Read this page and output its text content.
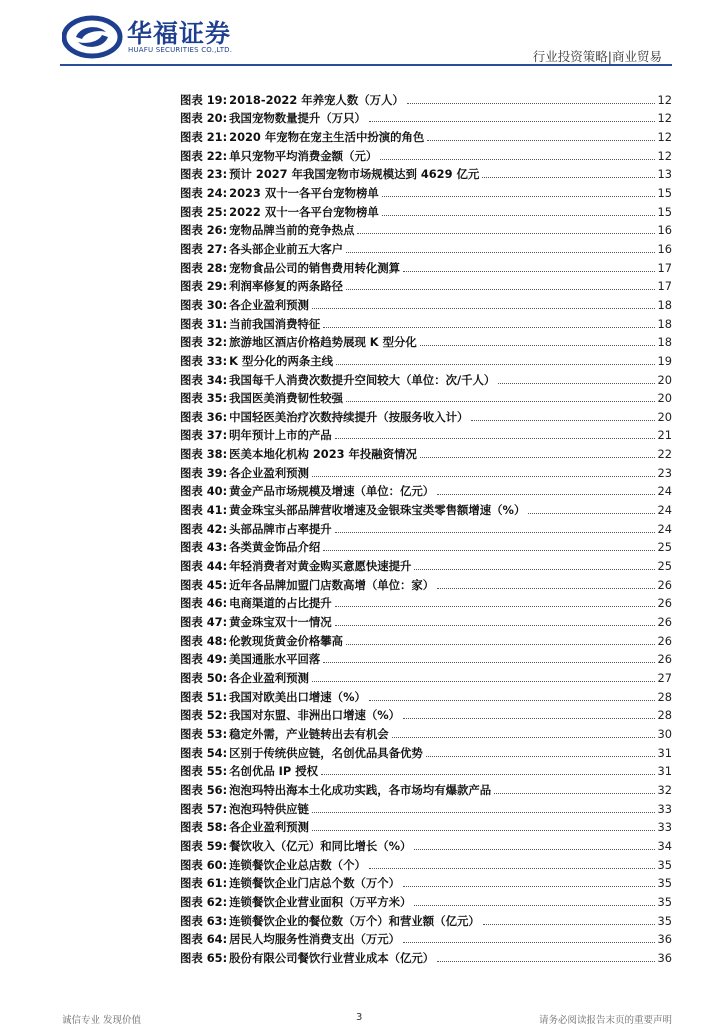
华福证券
HUAFU SECURITIES CO.,LTD.	行业投资策略|商业贸易
图表 19: 2018-2022 年养宠人数（万人）	12
图表 20: 我国宠物数量提升（万只）	12
图表 21: 2020 年宠物在宠主生活中扮演的角色	12
图表 22: 单只宠物平均消费金额（元）	12
图表 23: 预计 2027 年我国宠物市场规模达到 4629 亿元	13
图表 24: 2023 双十一各平台宠物榜单	15
图表 25: 2022 双十一各平台宠物榜单	15
图表 26: 宠物品牌当前的竞争热点	16
图表 27: 各头部企业前五大客户	16
图表 28: 宠物食品公司的销售费用转化测算	17
图表 29: 利润率修复的两条路径	17
图表 30: 各企业盈利预测	18
图表 31: 当前我国消费特征	18
图表 32: 旅游地区酒店价格趋势展现 K 型分化	18
图表 33: K 型分化的两条主线	19
图表 34: 我国每千人消费次数提升空间较大（单位：次/千人）	20
图表 35: 我国医美消费韧性较强	20
图表 36: 中国轻医美治疗次数持续提升（按服务收入计）	20
图表 37: 明年预计上市的产品	21
图表 38: 医美本地化机构 2023 年投融资情况	22
图表 39: 各企业盈利预测	23
图表 40: 黄金产品市场规模及增速（单位：亿元）	24
图表 41: 黄金珠宝头部品牌营收增速及金银珠宝类零售额增速（%）	24
图表 42: 头部品牌市占率提升	24
图表 43: 各类黄金饰品介绍	25
图表 44: 年轻消费者对黄金购买意愿快速提升	25
图表 45: 近年各品牌加盟门店数高增（单位：家）	26
图表 46: 电商渠道的占比提升	26
图表 47: 黄金珠宝双十一情况	26
图表 48: 伦敦现货黄金价格攀高	26
图表 49: 美国通胀水平回落	26
图表 50: 各企业盈利预测	27
图表 51: 我国对欧美出口增速（%）	28
图表 52: 我国对东盟、非洲出口增速（%）	28
图表 53: 稳定外需，产业链转出去有机会	30
图表 54: 区别于传统供应链，名创优品具备优势	31
图表 55: 名创优品 IP 授权	31
图表 56: 泡泡玛特出海本土化成功实践，各市场均有爆款产品	32
图表 57: 泡泡玛特供应链	33
图表 58: 各企业盈利预测	33
图表 59: 餐饮收入（亿元）和同比增长（%）	34
图表 60: 连锁餐饮企业总店数（个）	35
图表 61: 连锁餐饮企业门店总个数（万个）	35
图表 62: 连锁餐饮企业营业面积（万平方米）	35
图表 63: 连锁餐饮企业的餐位数（万个）和营业额（亿元）	35
图表 64: 居民人均服务性消费支出（万元）	36
图表 65: 股份有限公司餐饮行业营业成本（亿元）	36
诚信专业 发现价值	3	请务必阅读报告末页的重要声明
